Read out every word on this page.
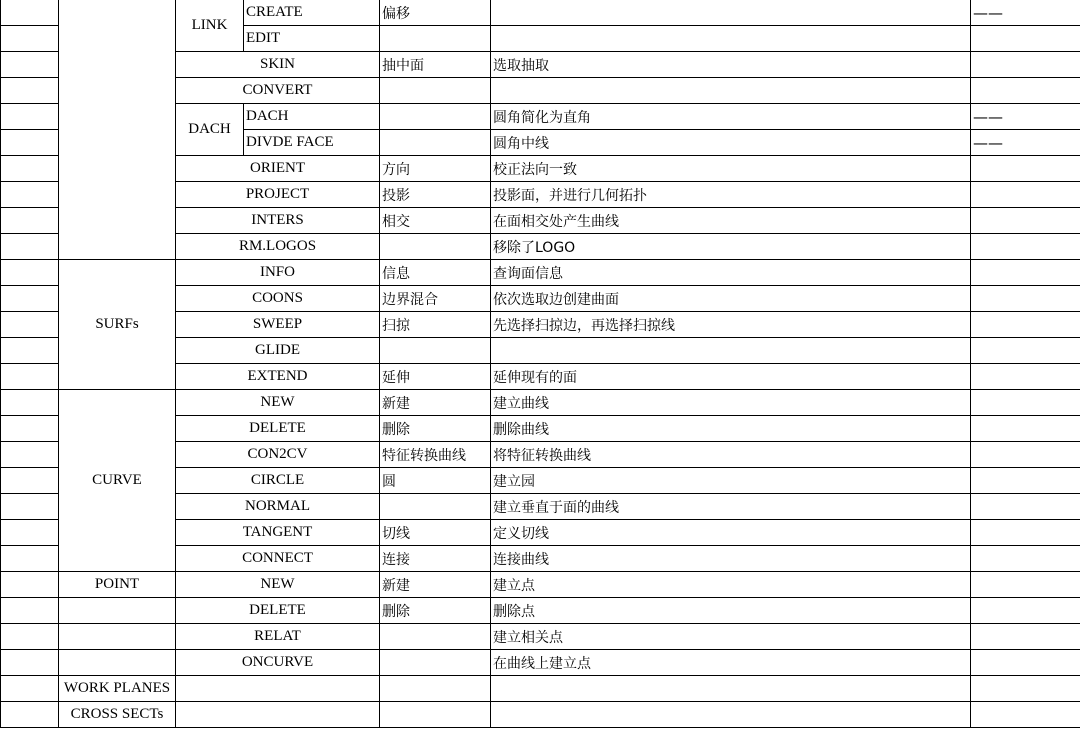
		LINK	CREATE	偏移		——
			EDIT			
		SKIN		抽中面	选取抽取	
		CONVERT				
		DACH	DACH		圆角简化为直角	——
			DIVDE FACE		圆角中线	——
		ORIENT		方向	校正法向一致	
		PROJECT		投影	投影面，并进行几何拓扑	
		INTERS		相交	在面相交处产生曲线	
		RM.LOGOS			移除了LOGO	
	SURFs	INFO		信息	查询面信息	
		COONS		边界混合	依次选取边创建曲面	
		SWEEP		扫掠	先选择扫掠边，再选择扫掠线	
		GLIDE				
		EXTEND		延伸	延伸现有的面	
	CURVE	NEW		新建	建立曲线	
		DELETE		删除	删除曲线	
		CON2CV		特征转换曲线	将特征转换曲线	
		CIRCLE		圆	建立园	
		NORMAL			建立垂直于面的曲线	
		TANGENT		切线	定义切线	
		CONNECT		连接	连接曲线	
	POINT	NEW		新建	建立点	
		DELETE		删除	删除点	
		RELAT			建立相关点	
		ONCURVE			在曲线上建立点	
	WORK PLANES					
	CROSS SECTs					
